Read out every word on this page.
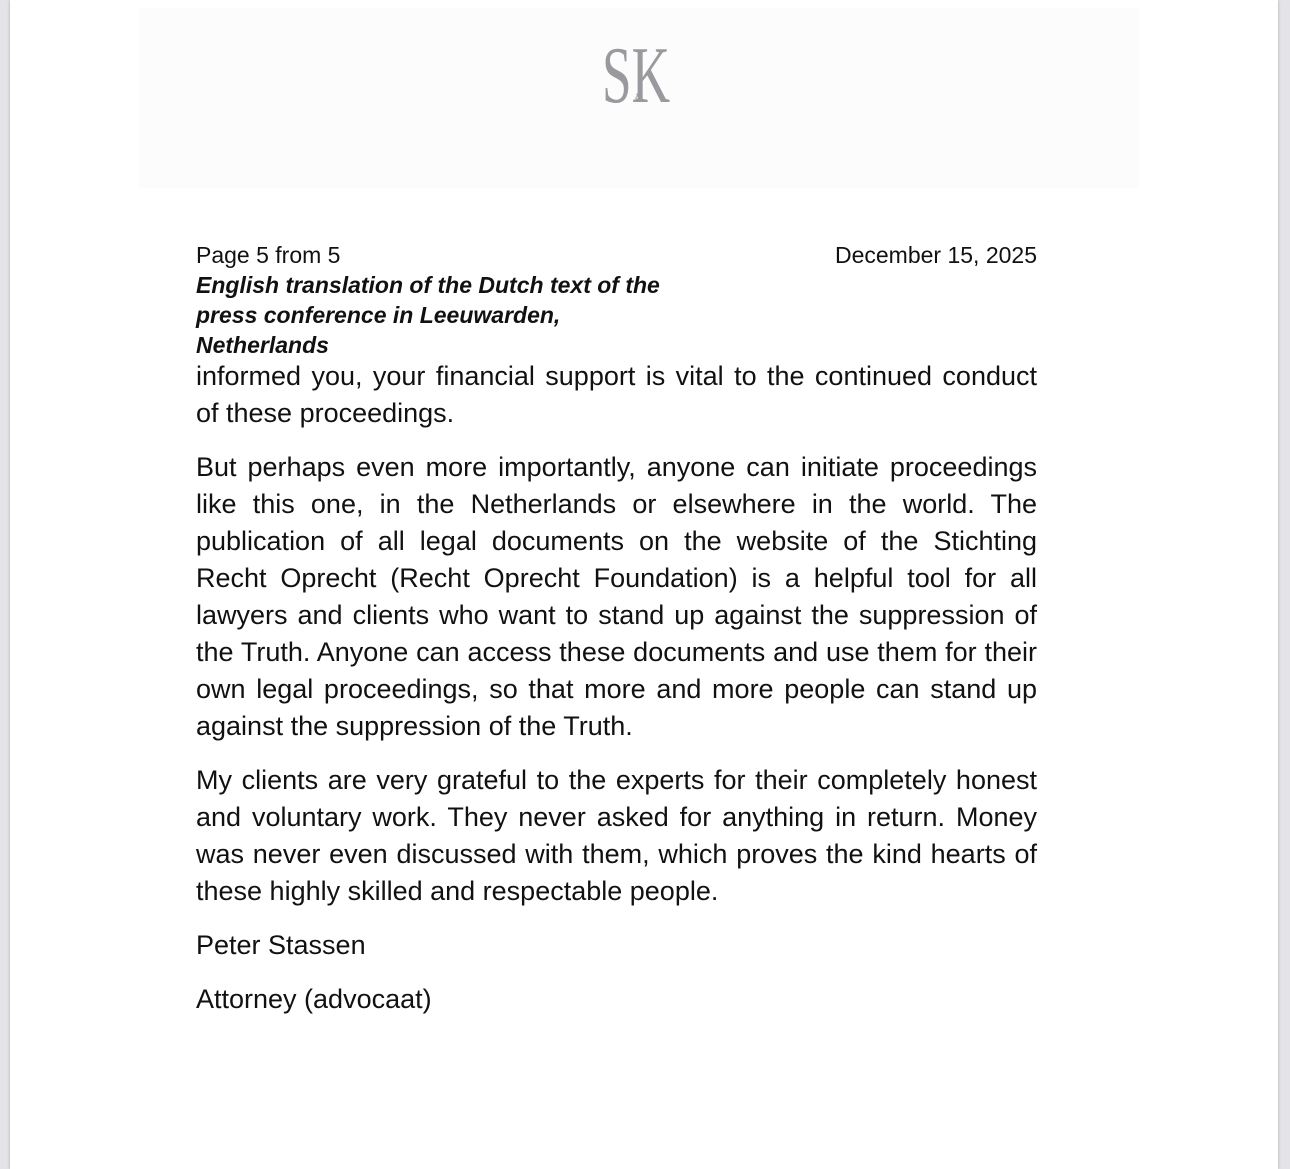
SK
&
Page 5 from 5	December 15, 2025
English translation of the Dutch text of the press conference in Leeuwarden, Netherlands

informed you, your financial support is vital to the continued conduct of these proceedings.

But perhaps even more importantly, anyone can initiate proceedings like this one, in the Netherlands or elsewhere in the world. The publication of all legal documents on the website of the Stichting Recht Oprecht (Recht Oprecht Foundation) is a helpful tool for all lawyers and clients who want to stand up against the suppression of the Truth. Anyone can access these documents and use them for their own legal proceedings, so that more and more people can stand up against the suppression of the Truth.

My clients are very grateful to the experts for their completely honest and voluntary work. They never asked for anything in return. Money was never even discussed with them, which proves the kind hearts of these highly skilled and respectable people.

Peter Stassen

Attorney (advocaat)
